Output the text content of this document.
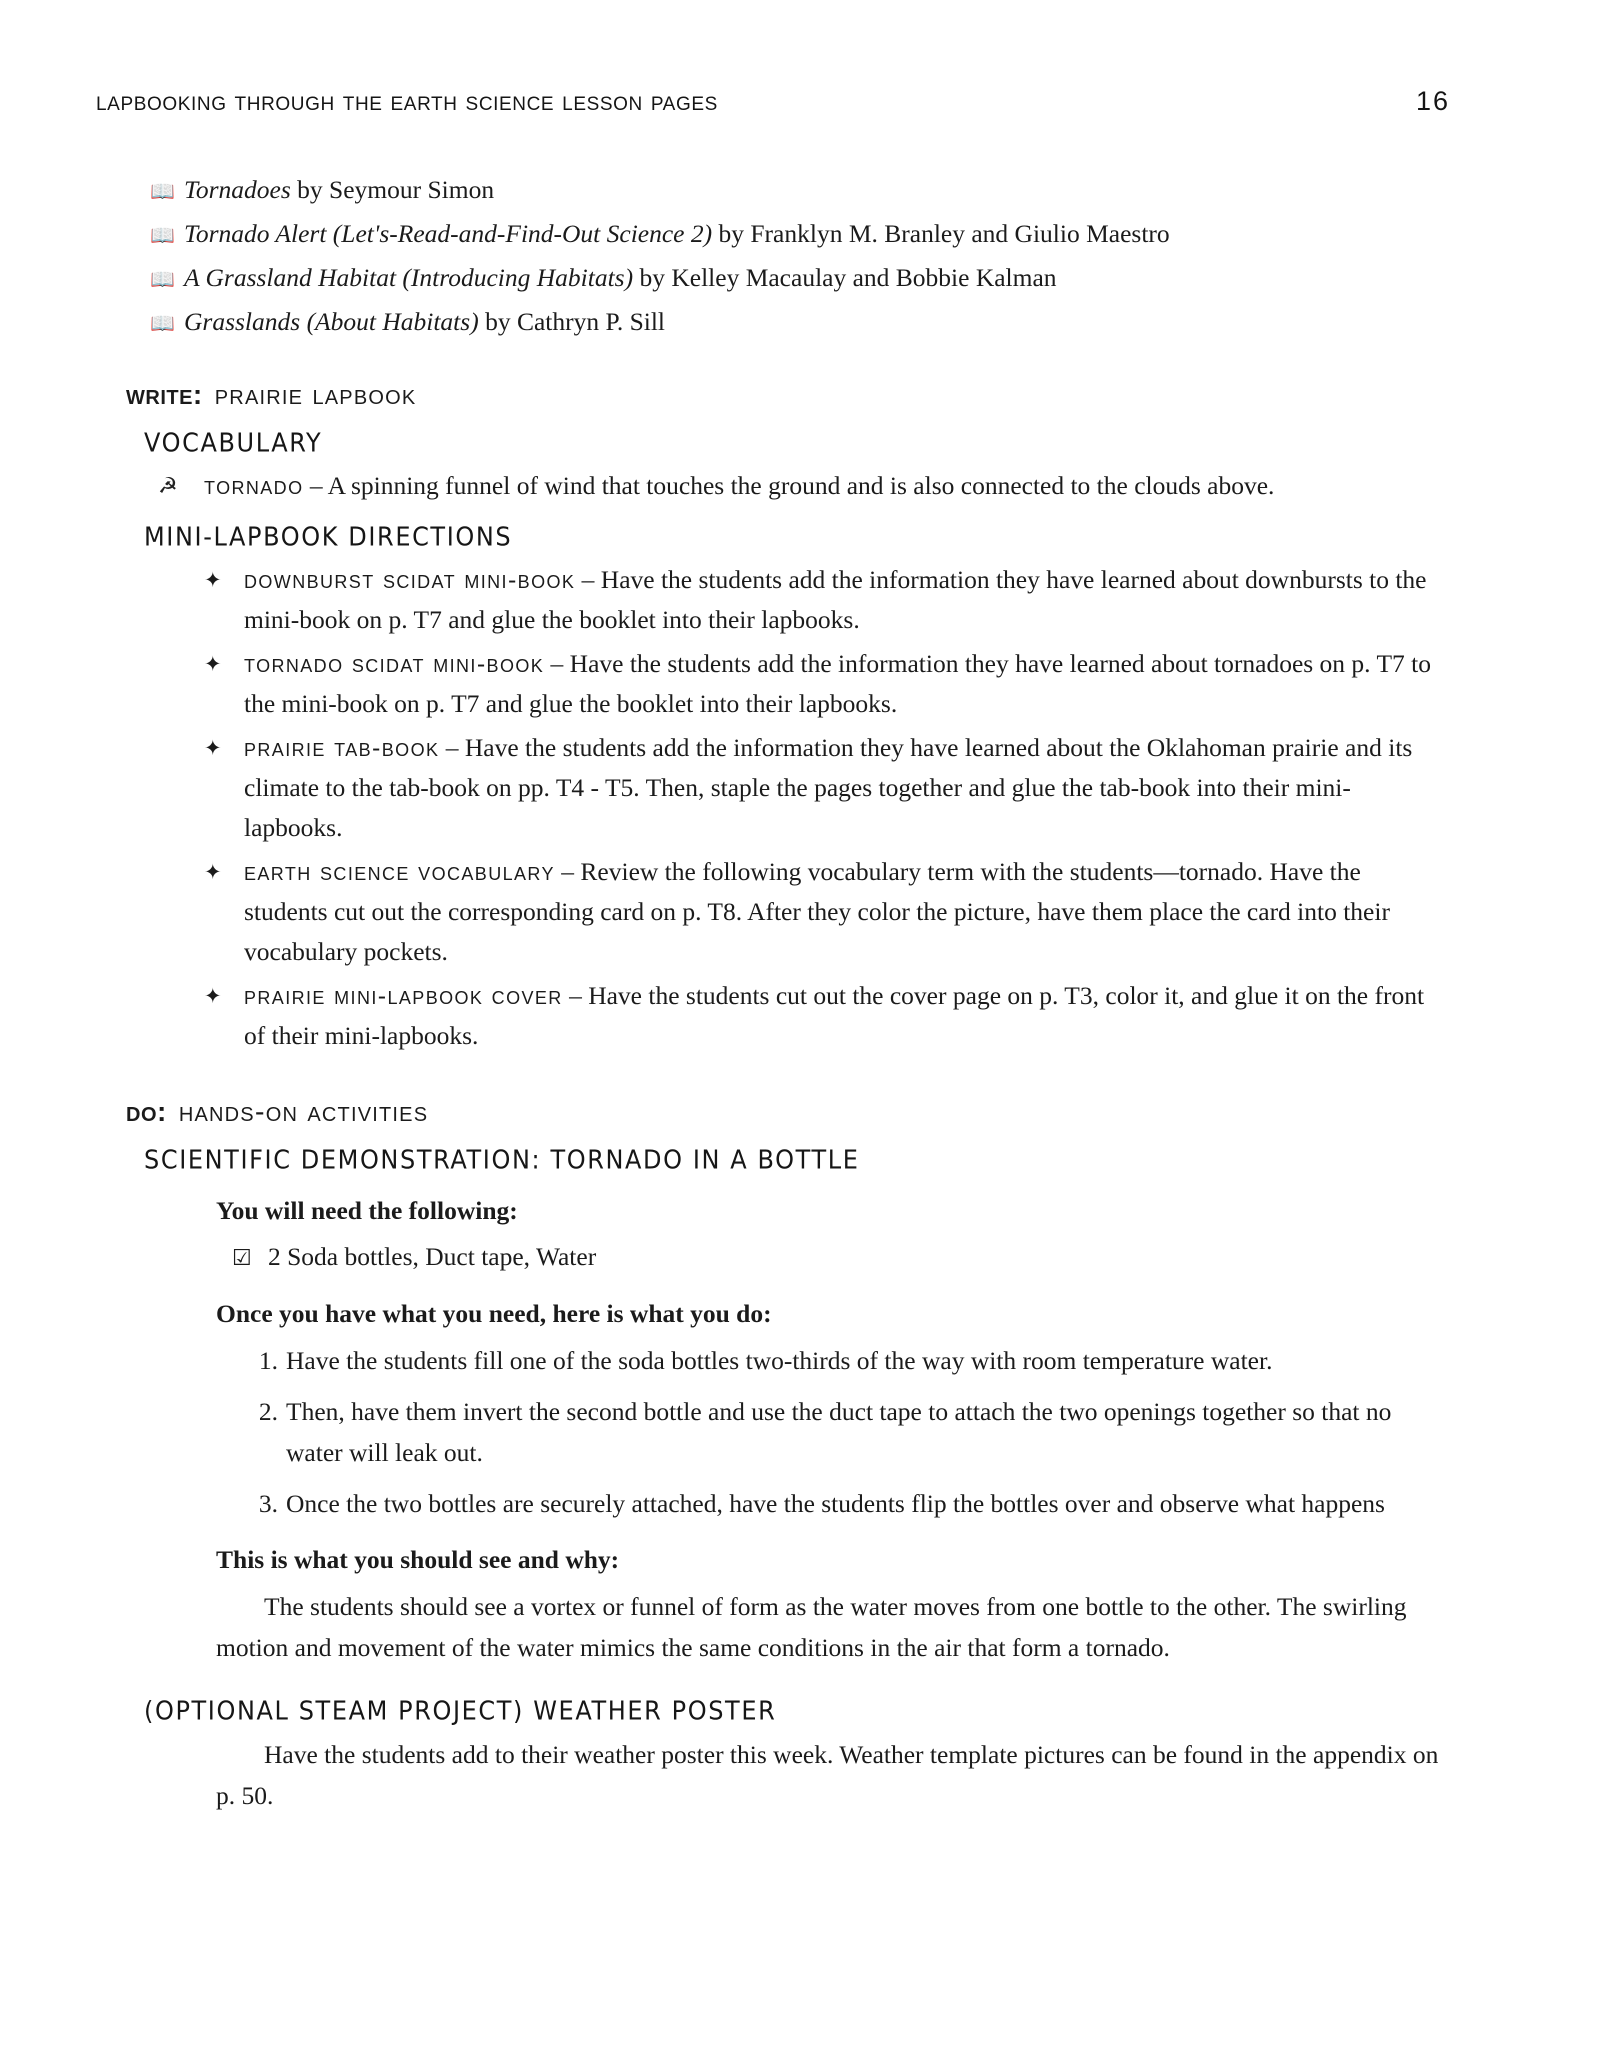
lapbooking through the earth science lesson pages	16
📖 Tornadoes by Seymour Simon
📖 Tornado Alert (Let's-Read-and-Find-Out Science 2) by Franklyn M. Branley and Giulio Maestro
📖 A Grassland Habitat (Introducing Habitats) by Kelley Macaulay and Bobbie Kalman
📖 Grasslands (About Habitats) by Cathryn P. Sill
write: prairie lapbook
VOCABULARY
☭	tornado – A spinning funnel of wind that touches the ground and is also connected to the clouds above.
MINI-LAPBOOK DIRECTIONS
✦ downburst scidat mini-book – Have the students add the information they have learned about downbursts to the mini-book on p. T7 and glue the booklet into their lapbooks.
✦ tornado scidat mini-book – Have the students add the information they have learned about tornadoes on p. T7 to the mini-book on p. T7 and glue the booklet into their lapbooks.
✦ prairie tab-book – Have the students add the information they have learned about the Oklahoman prairie and its climate to the tab-book on pp. T4 - T5. Then, staple the pages together and glue the tab-book into their mini-lapbooks.
✦ earth science vocabulary – Review the following vocabulary term with the students—tornado. Have the students cut out the corresponding card on p. T8. After they color the picture, have them place the card into their vocabulary pockets.
✦ prairie mini-lapbook cover – Have the students cut out the cover page on p. T3, color it, and glue it on the front of their mini-lapbooks.
do: hands-on activities
SCIENTIFIC DEMONSTRATION: TORNADO IN A BOTTLE
You will need the following:
☑ 2 Soda bottles, Duct tape, Water
Once you have what you need, here is what you do:
1. Have the students fill one of the soda bottles two-thirds of the way with room temperature water.
2. Then, have them invert the second bottle and use the duct tape to attach the two openings together so that no water will leak out.
3. Once the two bottles are securely attached, have the students flip the bottles over and observe what happens
This is what you should see and why:

The students should see a vortex or funnel of form as the water moves from one bottle to the other. The swirling motion and movement of the water mimics the same conditions in the air that form a tornado.

(OPTIONAL STEAM PROJECT) WEATHER POSTER

Have the students add to their weather poster this week. Weather template pictures can be found in the appendix on p. 50.
